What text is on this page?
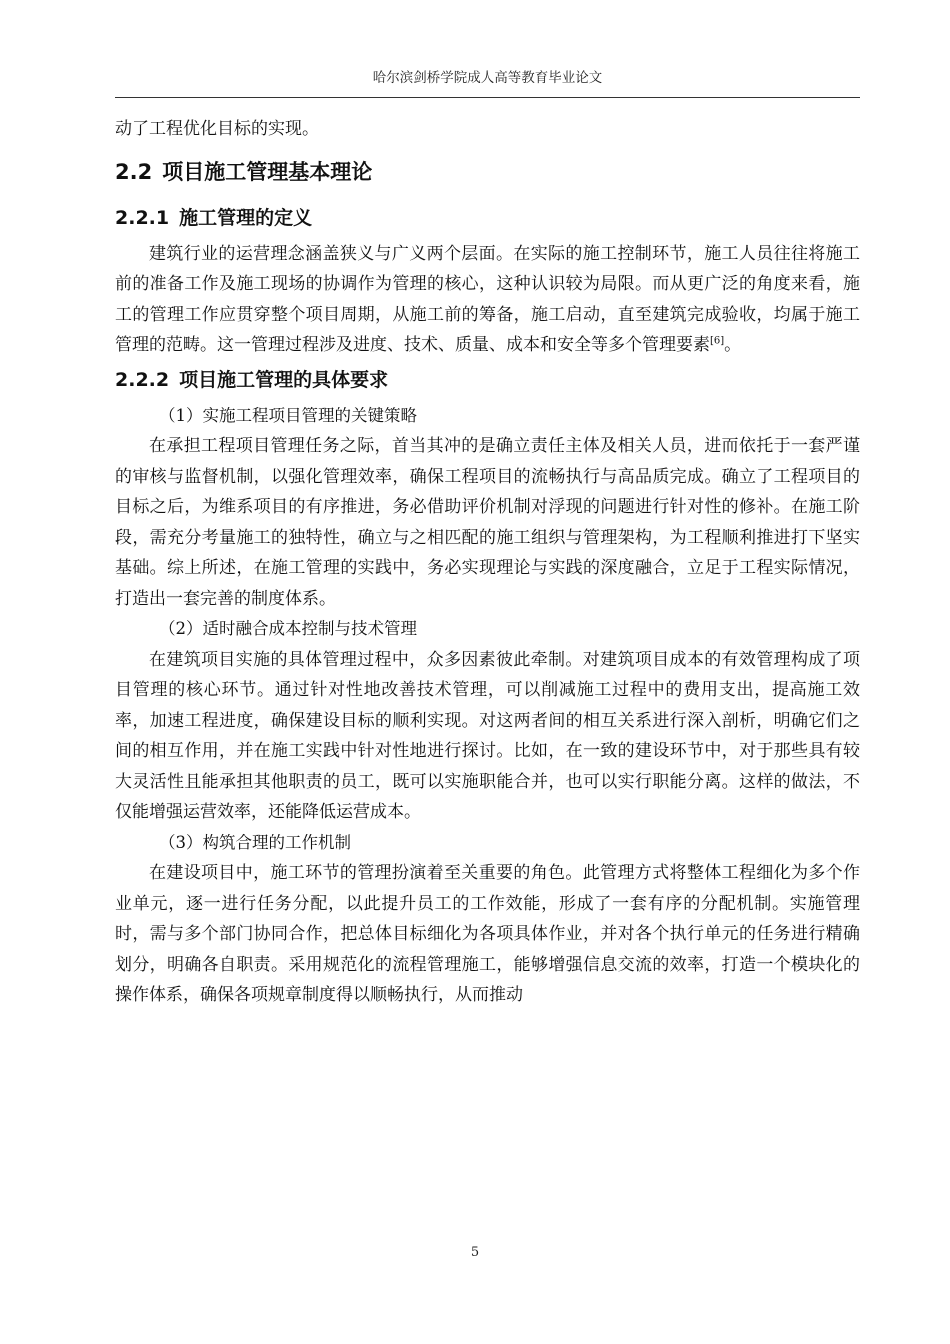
哈尔滨剑桥学院成人高等教育毕业论文

动了工程优化目标的实现。

2.2 项目施工管理基本理论
2.2.1 施工管理的定义

建筑行业的运营理念涵盖狭义与广义两个层面。在实际的施工控制环节，施工人员往往将施工前的准备工作及施工现场的协调作为管理的核心，这种认识较为局限。而从更广泛的角度来看，施工的管理工作应贯穿整个项目周期，从施工前的筹备，施工启动，直至建筑完成验收，均属于施工管理的范畴。这一管理过程涉及进度、技术、质量、成本和安全等多个管理要素[6]。

2.2.2 项目施工管理的具体要求

（1）实施工程项目管理的关键策略

在承担工程项目管理任务之际，首当其冲的是确立责任主体及相关人员，进而依托于一套严谨的审核与监督机制，以强化管理效率，确保工程项目的流畅执行与高品质完成。确立了工程项目的目标之后，为维系项目的有序推进，务必借助评价机制对浮现的问题进行针对性的修补。在施工阶段，需充分考量施工的独特性，确立与之相匹配的施工组织与管理架构，为工程顺利推进打下坚实基础。综上所述，在施工管理的实践中，务必实现理论与实践的深度融合，立足于工程实际情况，打造出一套完善的制度体系。

（2）适时融合成本控制与技术管理

在建筑项目实施的具体管理过程中，众多因素彼此牵制。对建筑项目成本的有效管理构成了项目管理的核心环节。通过针对性地改善技术管理，可以削减施工过程中的费用支出，提高施工效率，加速工程进度，确保建设目标的顺利实现。对这两者间的相互关系进行深入剖析，明确它们之间的相互作用，并在施工实践中针对性地进行探讨。比如，在一致的建设环节中，对于那些具有较大灵活性且能承担其他职责的员工，既可以实施职能合并，也可以实行职能分离。这样的做法，不仅能增强运营效率，还能降低运营成本。

（3）构筑合理的工作机制

在建设项目中，施工环节的管理扮演着至关重要的角色。此管理方式将整体工程细化为多个作业单元，逐一进行任务分配，以此提升员工的工作效能，形成了一套有序的分配机制。实施管理时，需与多个部门协同合作，把总体目标细化为各项具体作业，并对各个执行单元的任务进行精确划分，明确各自职责。采用规范化的流程管理施工，能够增强信息交流的效率，打造一个模块化的操作体系，确保各项规章制度得以顺畅执行，从而推动

5
